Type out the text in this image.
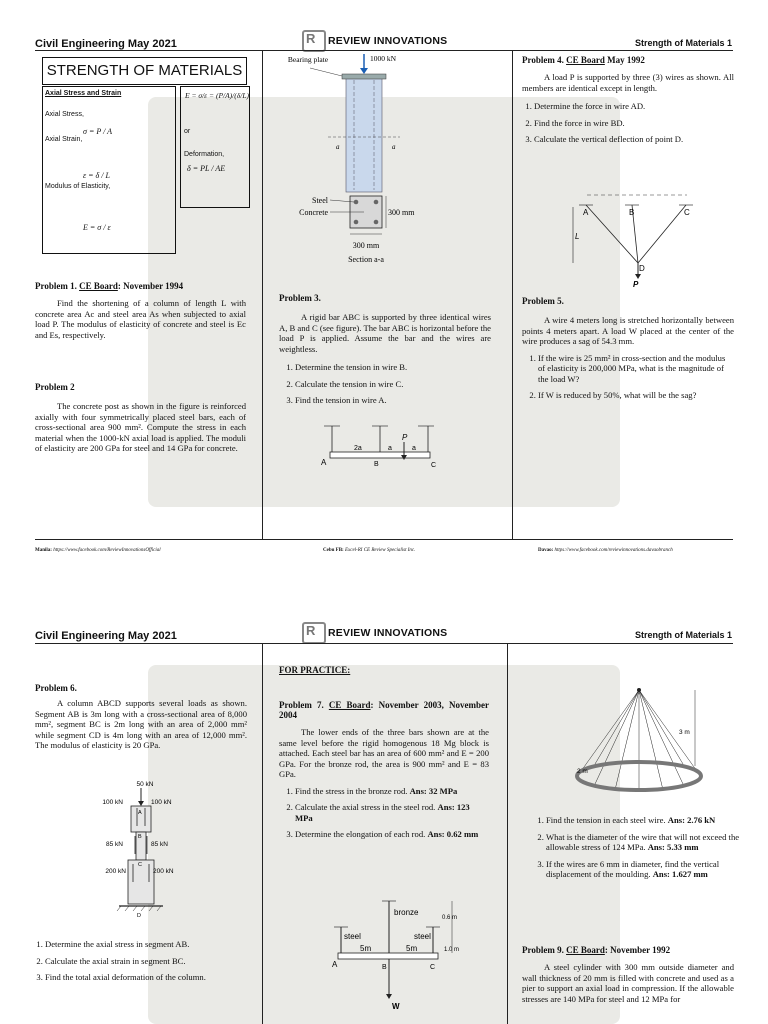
Civil Engineering May 2021	R REVIEW INNOVATIONS	Strength of Materials 1
STRENGTH OF MATERIALS
Axial Stress and Strain
Axial Stress,
σ = P / A
Axial Strain,
ε = δ / L
Modulus of Elasticity,
E = σ / ε
E = σ/ε = (P/A)/(δ/L)
or
Deformation,
δ = PL / AE
Problem 1. CE Board: November 1994
Find the shortening of a column of length L with concrete area Ac and steel area As when subjected to axial load P. The modulus of elasticity of concrete and steel is Ec and Es, respectively.
Problem 2
The concrete post as shown in the figure is reinforced axially with four symmetrically placed steel bars, each of cross-sectional area 900 mm². Compute the stress in each material when the 1000-kN axial load is applied. The moduli of elasticity are 200 GPa for steel and 14 GPa for concrete.
Bearing plate	1000 kN
a	a
Steel
Concrete	300 mm
300 mm
Section a-a
Problem 3.
A rigid bar ABC is supported by three identical wires A, B and C (see figure). The bar ABC is horizontal before the load P is applied. Assume the bar and the wires are weightless.
1. Determine the tension in wire B.
2. Calculate the tension in wire C.
3. Find the tension in wire A.
P
2a	a	a
A	B	C
Problem 4. CE Board May 1992
A load P is supported by three (3) wires as shown. All members are identical except in length.
1. Determine the force in wire AD.
2. Find the force in wire BD.
3. Calculate the vertical deflection of point D.
A	B	C
D
L
P
Problem 5.
A wire 4 meters long is stretched horizontally between points 4 meters apart. A load W placed at the center of the wire produces a sag of 54.3 mm.
1. If the wire is 25 mm² in cross-section and the modulus of elasticity is 200,000 MPa, what is the magnitude of the load W?
2. If W is reduced by 50%, what will be the sag?
Manila: https://www.facebook.com/ReviewInnovationsOfficial	Cebu FB: Excel-RI CE Review Specialist Inc.	Davao: https://www.facebook.com/reviewinnovations.davaobranch
Civil Engineering May 2021	R REVIEW INNOVATIONS	Strength of Materials 1
Problem 6.
A column ABCD supports several loads as shown. Segment AB is 3m long with a cross-sectional area of 8,000 mm², segment BC is 2m long with an area of 2,000 mm² while segment CD is 4m long with an area of 12,000 mm². The modulus of elasticity is 20 GPa.
50 kN
100 kN	100 kN
85 kN	85 kN
200 kN	200 kN
A
B
C
D
1. Determine the axial stress in segment AB.
2. Calculate the axial strain in segment BC.
3. Find the total axial deformation of the column.
FOR PRACTICE:
Problem 7. CE Board: November 2003, November 2004
The lower ends of the three bars shown are at the same level before the rigid homogenous 18 Mg block is attached. Each steel bar has an area of 600 mm² and E = 200 GPa. For the bronze rod, the area is 900 mm² and E = 83 GPa.
1. Find the stress in the bronze rod. Ans: 32 MPa
2. Calculate the axial stress in the steel rod. Ans: 123 MPa
3. Determine the elongation of each rod. Ans: 0.62 mm
bronze
steel	steel
0.6 m
1.0 m
5m	5m
A	B	C
W
3 m
2 m
1. Find the tension in each steel wire. Ans: 2.76 kN
2. What is the diameter of the wire that will not exceed the allowable stress of 124 MPa. Ans: 5.33 mm
3. If the wires are 6 mm in diameter, find the vertical displacement of the moulding. Ans: 1.627 mm
Problem 9. CE Board: November 1992
A steel cylinder with 300 mm outside diameter and wall thickness of 20 mm is filled with concrete and used as a pier to support an axial load in compression. If the allowable stresses are 140 MPa for steel and 12 MPa for
